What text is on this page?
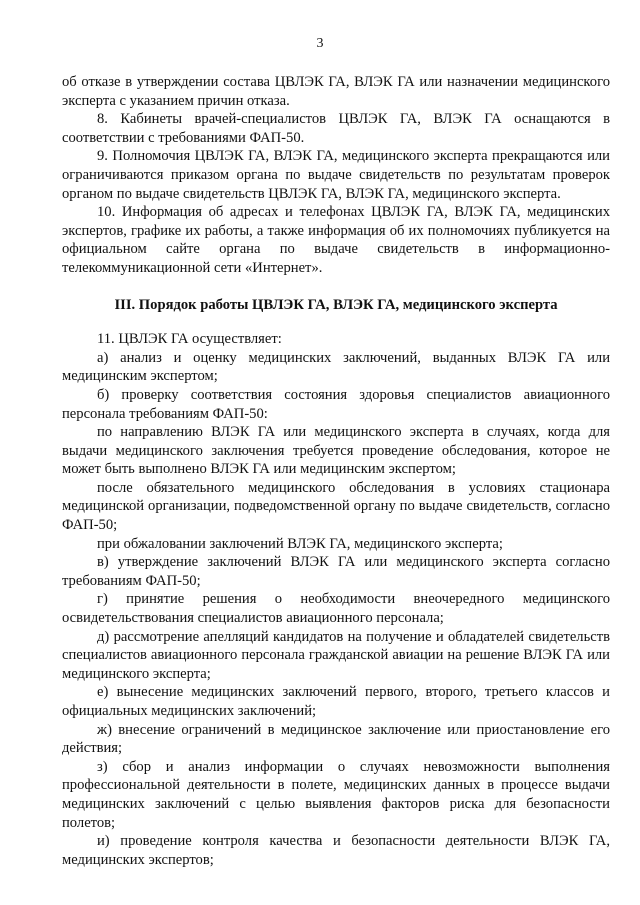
3

об отказе в утверждении состава ЦВЛЭК ГА, ВЛЭК ГА или назначении медицинского эксперта с указанием причин отказа.

8. Кабинеты врачей-специалистов ЦВЛЭК ГА, ВЛЭК ГА оснащаются в соответствии с требованиями ФАП-50.

9. Полномочия ЦВЛЭК ГА, ВЛЭК ГА, медицинского эксперта прекращаются или ограничиваются приказом органа по выдаче свидетельств по результатам проверок органом по выдаче свидетельств ЦВЛЭК ГА, ВЛЭК ГА, медицинского эксперта.

10. Информация об адресах и телефонах ЦВЛЭК ГА, ВЛЭК ГА, медицинских экспертов, графике их работы, а также информация об их полномочиях публикуется на официальном сайте органа по выдаче свидетельств в информационно-телекоммуникационной сети «Интернет».

III. Порядок работы ЦВЛЭК ГА, ВЛЭК ГА, медицинского эксперта

11. ЦВЛЭК ГА осуществляет:

а) анализ и оценку медицинских заключений, выданных ВЛЭК ГА или медицинским экспертом;

б) проверку соответствия состояния здоровья специалистов авиационного персонала требованиям ФАП-50:

по направлению ВЛЭК ГА или медицинского эксперта в случаях, когда для выдачи медицинского заключения требуется проведение обследования, которое не может быть выполнено ВЛЭК ГА или медицинским экспертом;

после обязательного медицинского обследования в условиях стационара медицинской организации, подведомственной органу по выдаче свидетельств, согласно ФАП-50;

при обжаловании заключений ВЛЭК ГА, медицинского эксперта;

в) утверждение заключений ВЛЭК ГА или медицинского эксперта согласно требованиям ФАП-50;

г) принятие решения о необходимости внеочередного медицинского освидетельствования специалистов авиационного персонала;

д) рассмотрение апелляций кандидатов на получение и обладателей свидетельств специалистов авиационного персонала гражданской авиации на решение ВЛЭК ГА или медицинского эксперта;

е) вынесение медицинских заключений первого, второго, третьего классов и официальных медицинских заключений;

ж) внесение ограничений в медицинское заключение или приостановление его действия;

з) сбор и анализ информации о случаях невозможности выполнения профессиональной деятельности в полете, медицинских данных в процессе выдачи медицинских заключений с целью выявления факторов риска для безопасности полетов;

и) проведение контроля качества и безопасности деятельности ВЛЭК ГА, медицинских экспертов;
